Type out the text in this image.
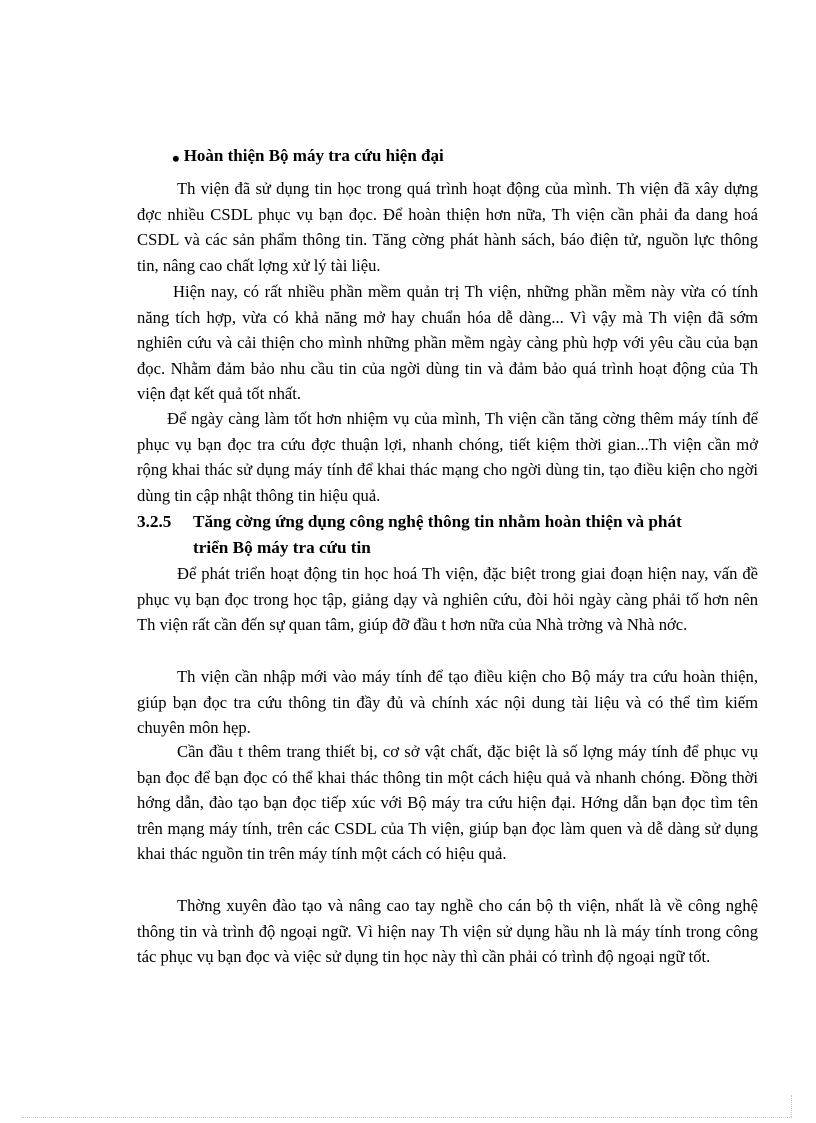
• Hoàn thiện Bộ máy tra cứu hiện đại

Th viện đã sử dụng tin học trong quá trình hoạt động của mình. Th viện đã xây dựng đợc nhiều CSDL phục vụ bạn đọc. Để hoàn thiện hơn nữa, Th viện cần phải đa dang hoá CSDL và các sản phẩm thông tin. Tăng cờng phát hành sách, báo điện tử, nguồn lực thông tin, nâng cao chất lợng xử lý tài liệu.

Hiện nay, có rất nhiều phần mềm quản trị Th viện, những phần mềm này vừa có tính năng tích hợp, vừa có khả năng mở hay chuẩn hóa dễ dàng... Vì vậy mà Th viện đã sớm nghiên cứu và cải thiện cho mình những phần mềm ngày càng phù hợp với yêu cầu của bạn đọc. Nhằm đảm bảo nhu cầu tin của ngời dùng tin và đảm bảo quá trình hoạt động của Th viện đạt kết quả tốt nhất.

Để ngày càng làm tốt hơn nhiệm vụ của mình, Th viện cần tăng cờng thêm máy tính để phục vụ bạn đọc tra cứu đợc thuận lợi, nhanh chóng, tiết kiệm thời gian...Th viện cần mở rộng khai thác sử dụng máy tính để khai thác mạng cho ngời dùng tin, tạo điều kiện cho ngời dùng tin cập nhật thông tin hiệu quả.

3.2.5 Tăng cờng ứng dụng công nghệ thông tin nhằm hoàn thiện và phát
triển Bộ máy tra cứu tin

Để phát triển hoạt động tin học hoá Th viện, đặc biệt trong giai đoạn hiện nay, vấn đề phục vụ bạn đọc trong học tập, giảng dạy và nghiên cứu, đòi hỏi ngày càng phải tố hơn nên Th viện rất cần đến sự quan tâm, giúp đỡ đầu t hơn nữa của Nhà trờng và Nhà nớc.

Th viện cần nhập mới vào máy tính để tạo điều kiện cho Bộ máy tra cứu hoàn thiện, giúp bạn đọc tra cứu thông tin đầy đủ và chính xác nội dung tài liệu và có thể tìm kiếm chuyên môn hẹp.

Cần đầu t thêm trang thiết bị, cơ sở vật chất, đặc biệt là số lợng máy tính để phục vụ bạn đọc để bạn đọc có thể khai thác thông tin một cách hiệu quả và nhanh chóng. Đồng thời hớng dẫn, đào tạo bạn đọc tiếp xúc với Bộ máy tra cứu hiện đại. Hớng dẫn bạn đọc tìm tên trên mạng máy tính, trên các CSDL của Th viện, giúp bạn đọc làm quen và dễ dàng sử dụng khai thác nguồn tin trên máy tính một cách có hiệu quả.

Thờng xuyên đào tạo và nâng cao tay nghề cho cán bộ th viện, nhất là về công nghệ thông tin và trình độ ngoại ngữ. Vì hiện nay Th viện sử dụng hầu nh là máy tính trong công tác phục vụ bạn đọc và việc sử dụng tin học này thì cần phải có trình độ ngoại ngữ tốt.
